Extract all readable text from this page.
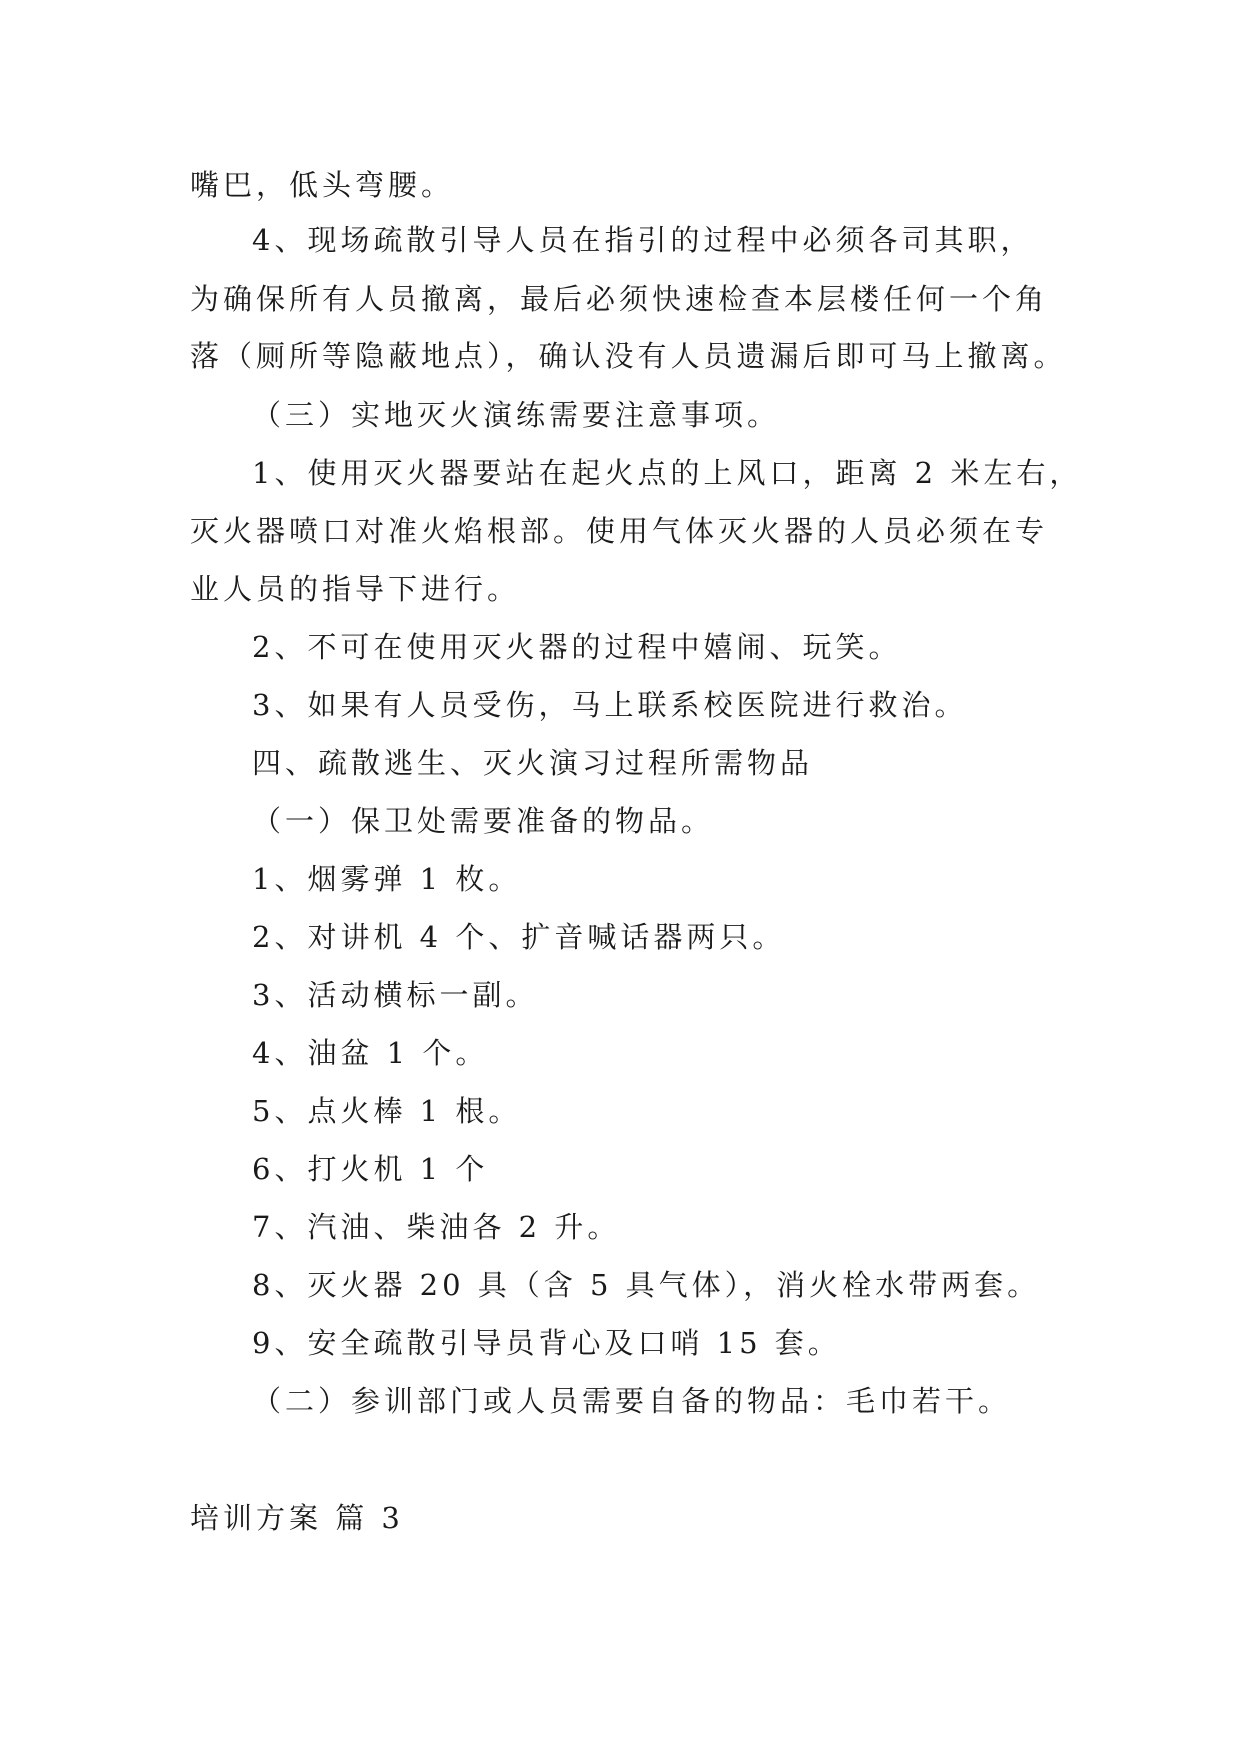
嘴巴，低头弯腰。

4、现场疏散引导人员在指引的过程中必须各司其职，

为确保所有人员撤离，最后必须快速检查本层楼任何一个角

落（厕所等隐蔽地点），确认没有人员遗漏后即可马上撤离。

（三）实地灭火演练需要注意事项。

1、使用灭火器要站在起火点的上风口，距离 2 米左右，

灭火器喷口对准火焰根部。使用气体灭火器的人员必须在专

业人员的指导下进行。

2、不可在使用灭火器的过程中嬉闹、玩笑。

3、如果有人员受伤，马上联系校医院进行救治。

四、疏散逃生、灭火演习过程所需物品

（一）保卫处需要准备的物品。

1、烟雾弹 1 枚。

2、对讲机 4 个、扩音喊话器两只。

3、活动横标一副。

4、油盆 1 个。

5、点火棒 1 根。

6、打火机 1 个

7、汽油、柴油各 2 升。

8、灭火器 20 具（含 5 具气体），消火栓水带两套。

9、安全疏散引导员背心及口哨 15 套。

（二）参训部门或人员需要自备的物品：毛巾若干。

培训方案 篇 3
